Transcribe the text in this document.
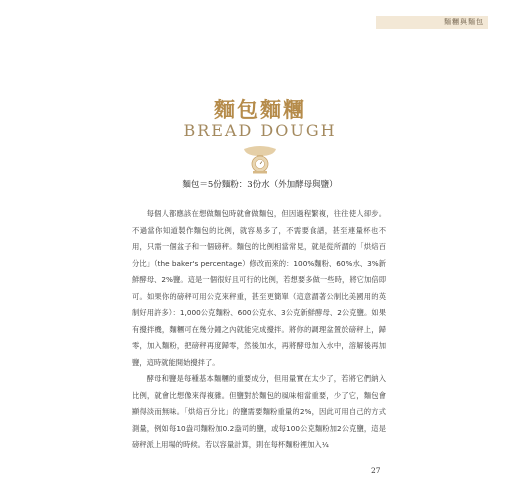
麵糰與麵包
麵包麵糰
BREAD DOUGH
麵包＝5份麵粉：3份水（外加酵母與鹽）

每個人都應該在想做麵包時就會做麵包，但因過程繁複，往往使人卻步。不過當你知道製作麵包的比例，就容易多了，不需要食譜，甚至連量杯也不用，只需一個盆子和一個磅秤。麵包的比例相當常見，就是從所謂的「烘焙百分比」（the baker's percentage）修改而來的：100%麵粉、60%水、3%新鮮酵母、2%鹽。這是一個很好且可行的比例，若想要多做一些時，將它加倍即可。如果你的磅秤可用公克來秤重，甚至更簡單（這意謂著公制比美國用的英制好用許多）：1,000公克麵粉、600公克水、3公克新鮮酵母、2公克鹽。如果有攪拌機，麵糰可在幾分鐘之內就能完成攪拌。將你的調理盆置於磅秤上，歸零，加入麵粉，把磅秤再度歸零，然後加水，再將酵母加入水中，溶解後再加鹽，這時就能開始攪拌了。

酵母和鹽是每種基本麵糰的重要成分，但用量實在太少了，若將它們納入比例，就會比想像來得複雜。但鹽對於麵包的風味相當重要，少了它，麵包會顯得淡而無味。「烘焙百分比」的鹽需要麵粉重量的2%，因此可用自己的方式測量，例如每10盎司麵粉加0.2盎司的鹽，或每100公克麵粉加2公克鹽，這是磅秤派上用場的時候。若以容量計算，則在每杯麵粉裡加入¼

27
